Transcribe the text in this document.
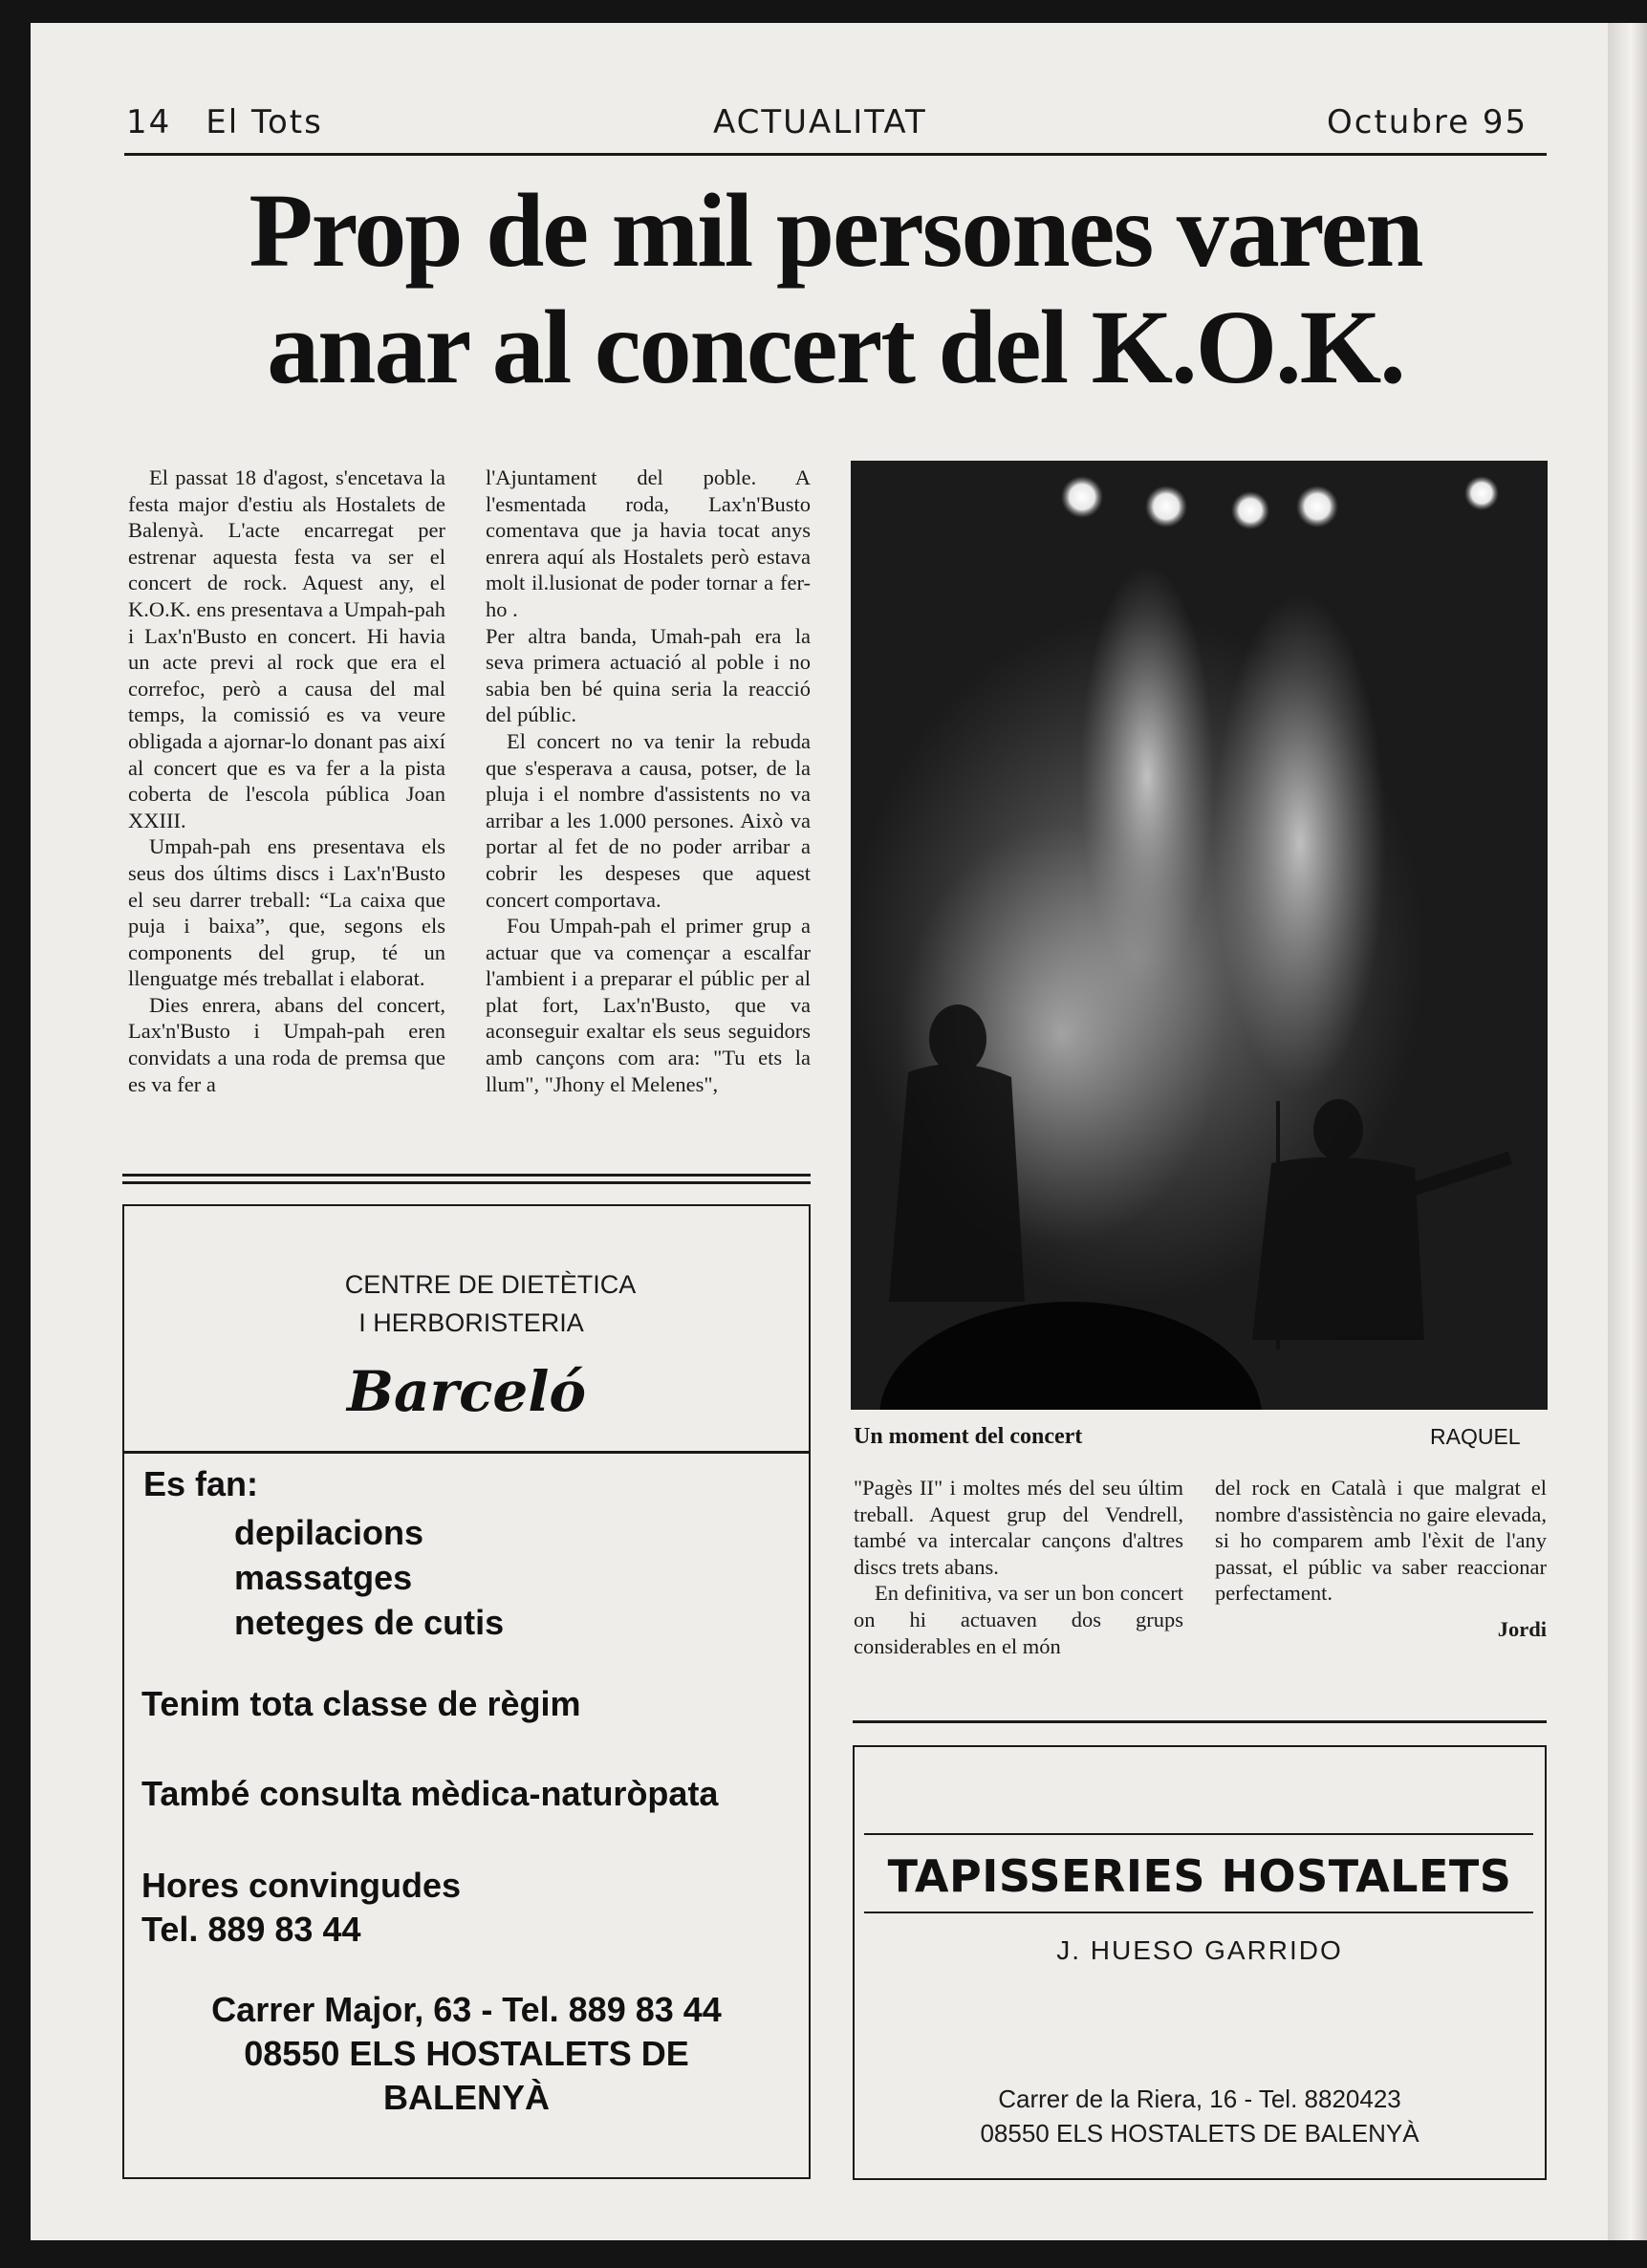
14 El Tots	ACTUALITAT	Octubre 95
Prop de mil persones varen
anar al concert del K.O.K.

El passat 18 d'agost, s'encetava la festa major d'estiu als Hostalets de Balenyà. L'acte encarregat per estrenar aquesta festa va ser el concert de rock. Aquest any, el K.O.K. ens presentava a Umpah-pah i Lax'n'Busto en concert. Hi havia un acte previ al rock que era el correfoc, però a causa del mal temps, la comissió es va veure obligada a ajornar-lo donant pas així al concert que es va fer a la pista coberta de l'escola pública Joan XXIII.

Umpah-pah ens presentava els seus dos últims discs i Lax'n'Busto el seu darrer treball: “La caixa que puja i baixa”, que, segons els components del grup, té un llenguatge més treballat i elaborat.

Dies enrera, abans del concert, Lax'n'Busto i Umpah-pah eren convidats a una roda de premsa que es va fer a

l'Ajuntament del poble. A l'esmentada roda, Lax'n'Busto comentava que ja havia tocat anys enrera aquí als Hostalets però estava molt il.lusionat de poder tornar a fer-ho .

Per altra banda, Umah-pah era la seva primera actuació al poble i no sabia ben bé quina seria la reacció del públic.

El concert no va tenir la rebuda que s'esperava a causa, potser, de la pluja i el nombre d'assistents no va arribar a les 1.000 persones. Això va portar al fet de no poder arribar a cobrir les despeses que aquest concert comportava.

Fou Umpah-pah el primer grup a actuar que va començar a escalfar l'ambient i a preparar el públic per al plat fort, Lax'n'Busto, que va aconseguir exaltar els seus seguidors amb cançons com ara: "Tu ets la llum", "Jhony el Melenes",

Un moment del concert	RAQUEL

"Pagès II" i moltes més del seu últim treball. Aquest grup del Vendrell, també va intercalar cançons d'altres discs trets abans.

En definitiva, va ser un bon concert on hi actuaven dos grups considerables en el món

del rock en Català i que malgrat el nombre d'assistència no gaire elevada, si ho comparem amb l'èxit de l'any passat, el públic va saber reaccionar perfectament.

Jordi
CENTRE DE DIETÈTICA
I HERBORISTERIA
Barceló
Es fan:
depilacions
massatges
neteges de cutis
Tenim tota classe de règim
També consulta mèdica-naturòpata
Hores convingudes
Tel. 889 83 44
Carrer Major, 63 - Tel. 889 83 44
08550 ELS HOSTALETS DE
BALENYÀ
TAPISSERIES HOSTALETS
J. HUESO GARRIDO
Carrer de la Riera, 16 - Tel. 8820423
08550 ELS HOSTALETS DE BALENYÀ
